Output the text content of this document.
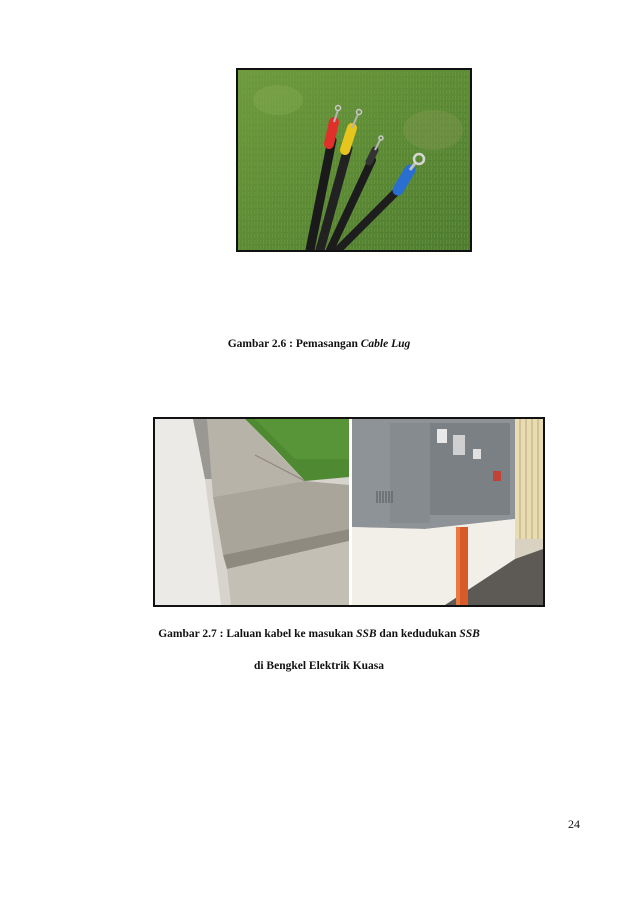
Gambar 2.6 : Pemasangan Cable Lug
Gambar 2.7 : Laluan kabel ke masukan SSB dan kedudukan SSB
di Bengkel Elektrik Kuasa
24
